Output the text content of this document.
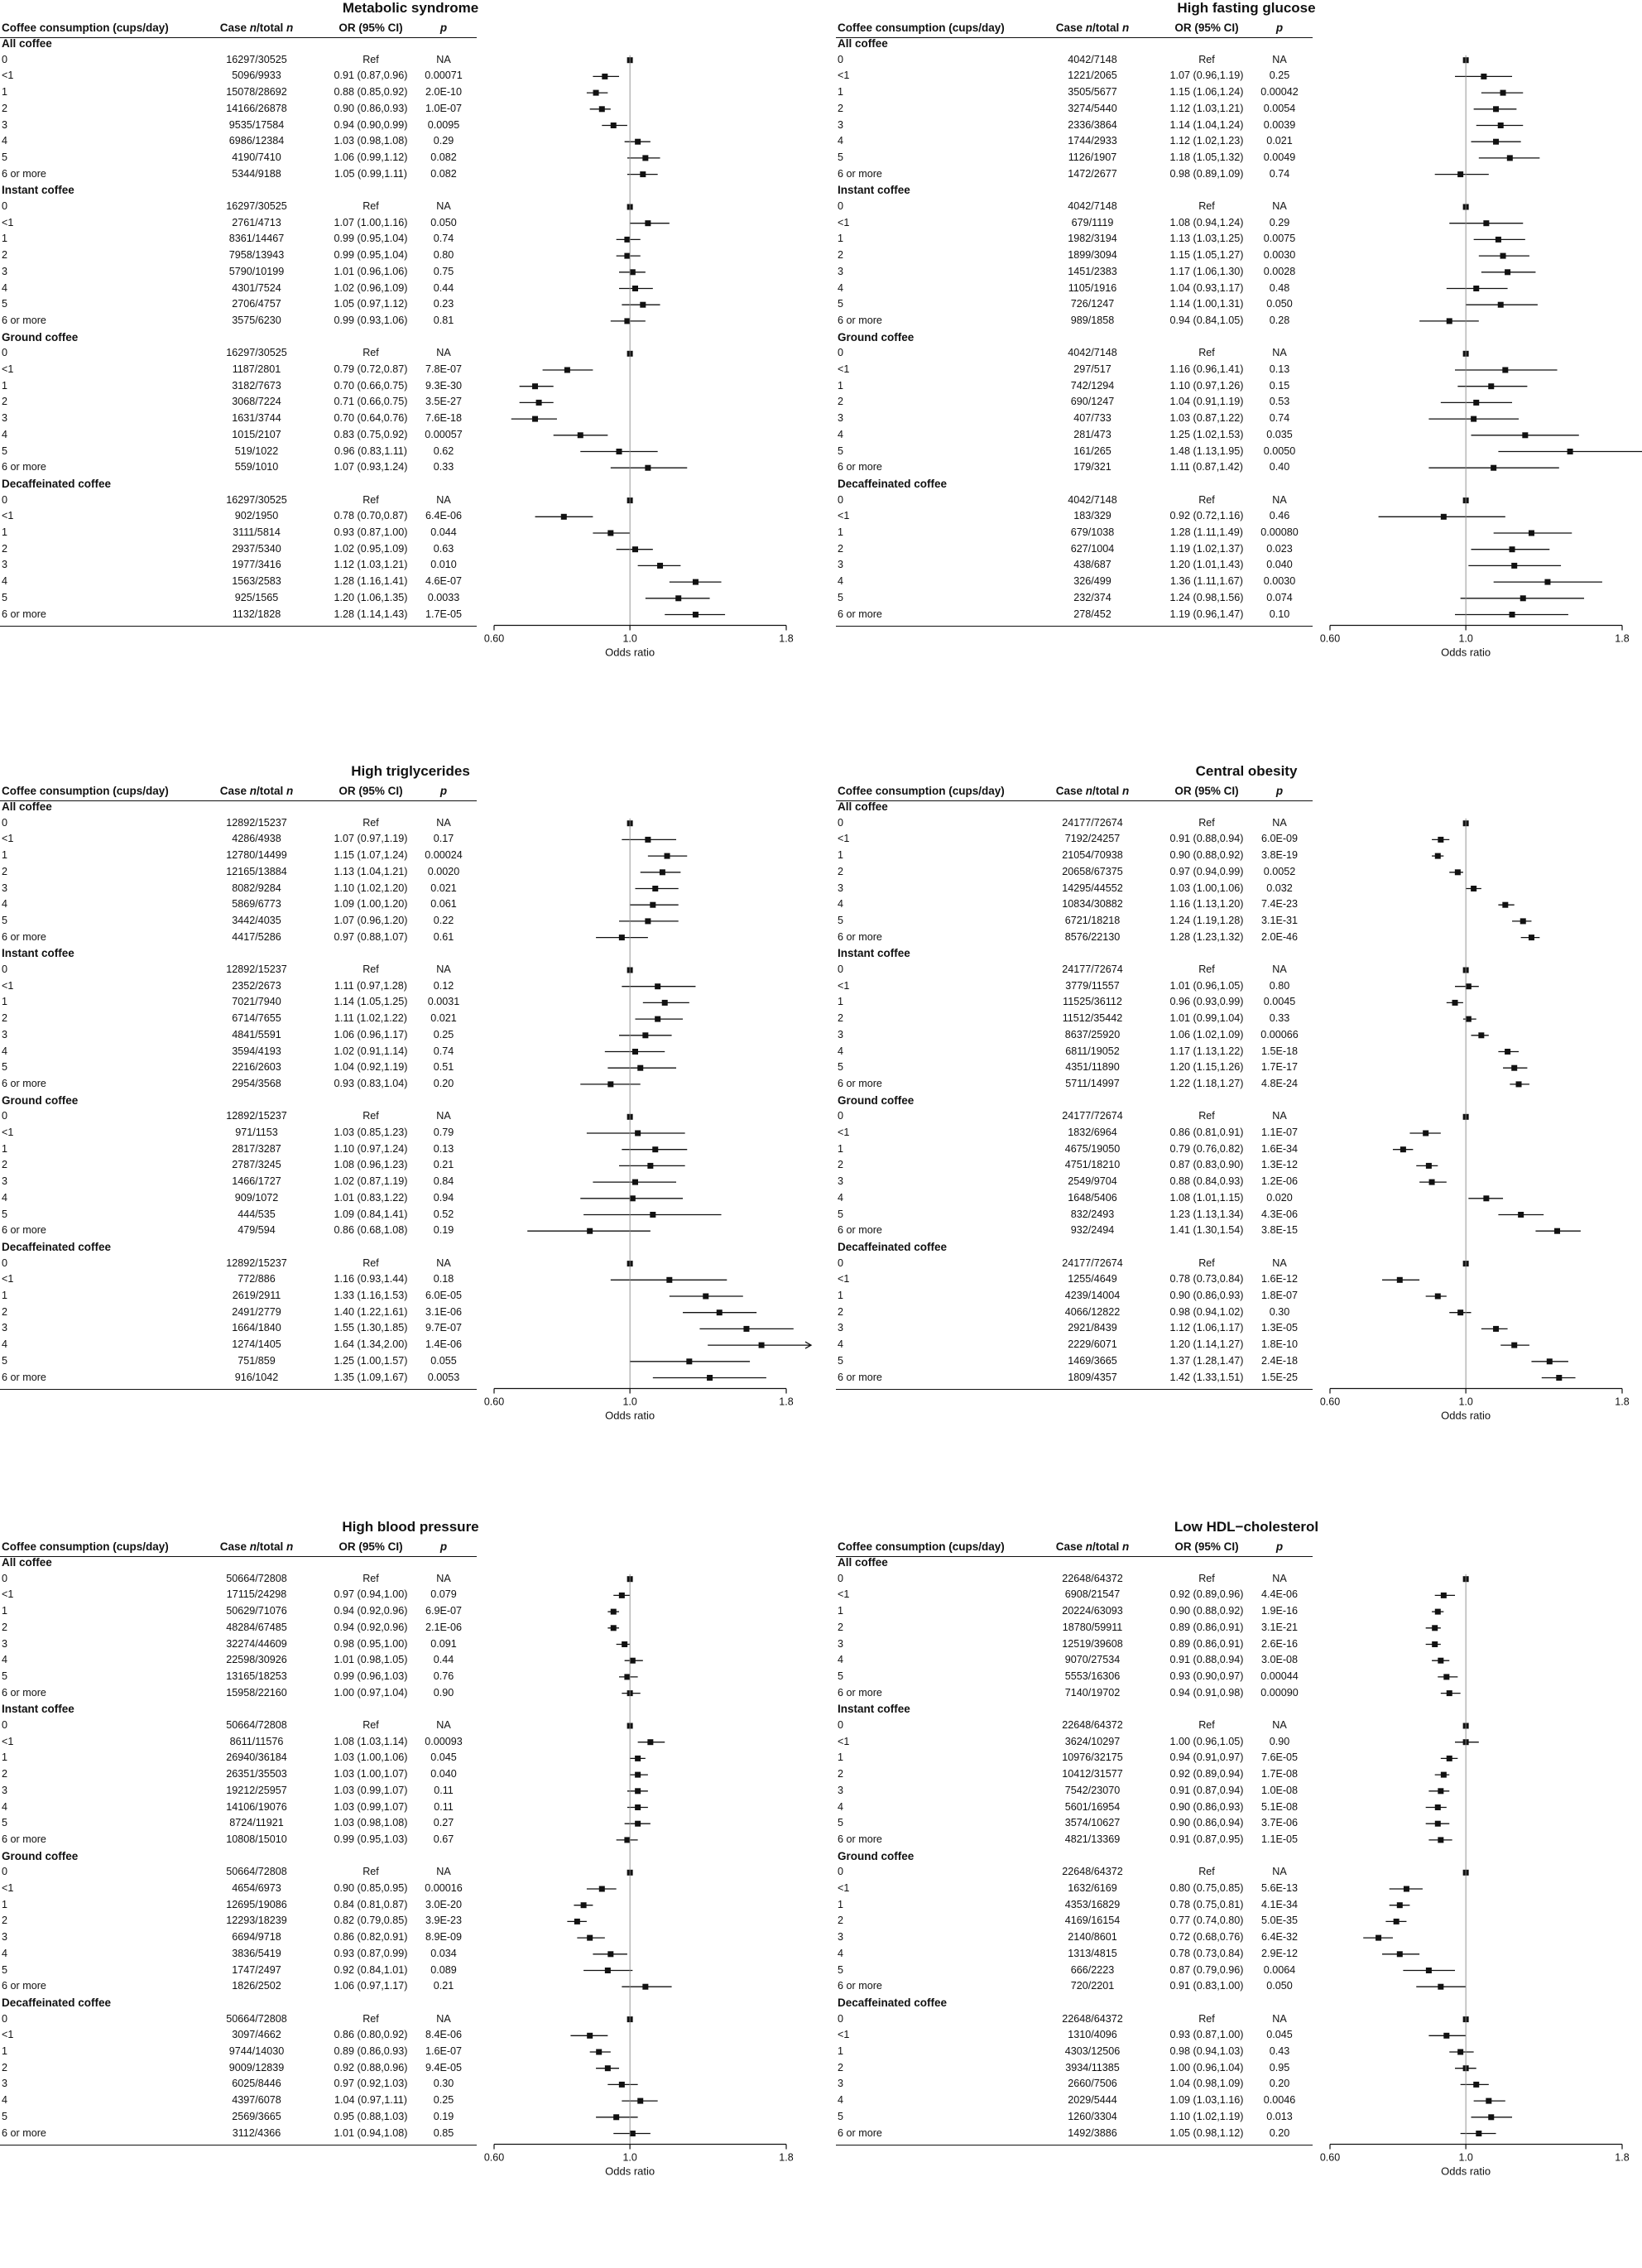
Metabolic syndrome
Coffee consumption (cups/day)	Case n/total n	OR (95% CI)	p
0.60	1.0	1.8
Odds ratio
All coffee
0	16297/30525	Ref	NA
<1	5096/9933	0.91 (0.87,0.96) 0.00071
1	15078/28692	0.88 (0.85,0.92) 2.0E-10
2	14166/26878	0.90 (0.86,0.93) 1.0E-07
3	9535/17584	0.94 (0.90,0.99) 0.0095
4	6986/12384	1.03 (0.98,1.08) 0.29
5	4190/7410	1.06 (0.99,1.12) 0.082
6 or more	5344/9188	1.05 (0.99,1.11) 0.082
Instant coffee
0	16297/30525	Ref	NA
<1	2761/4713	1.07 (1.00,1.16) 0.050
1	8361/14467	0.99 (0.95,1.04) 0.74
2	7958/13943	0.99 (0.95,1.04) 0.80
3	5790/10199	1.01 (0.96,1.06) 0.75
4	4301/7524	1.02 (0.96,1.09) 0.44
5	2706/4757	1.05 (0.97,1.12) 0.23
6 or more	3575/6230	0.99 (0.93,1.06) 0.81
Ground coffee
0	16297/30525	Ref	NA
<1	1187/2801	0.79 (0.72,0.87) 7.8E-07
1	3182/7673	0.70 (0.66,0.75) 9.3E-30
2	3068/7224	0.71 (0.66,0.75) 3.5E-27
3	1631/3744	0.70 (0.64,0.76) 7.6E-18
4	1015/2107	0.83 (0.75,0.92) 0.00057
5	519/1022	0.96 (0.83,1.11)	0.62
6 or more	559/1010	1.07 (0.93,1.24) 0.33
Decaffeinated coffee
0	16297/30525	Ref	NA
<1	902/1950	0.78 (0.70,0.87) 6.4E-06
1	3111/5814	0.93 (0.87,1.00) 0.044
2	2937/5340	1.02 (0.95,1.09) 0.63
3	1977/3416	1.12 (1.03,1.21) 0.010
4	1563/2583	1.28 (1.16,1.41) 4.6E-07
5	925/1565	1.20 (1.06,1.35) 0.0033
6 or more	1132/1828	1.28 (1.14,1.43) 1.7E-05
High fasting glucose
Coffee consumption (cups/day)	Case n/total n	OR (95% CI)	p
0.60	1.0	1.8
Odds ratio
All coffee
0	4042/7148	Ref	NA
<1	1221/2065	1.07 (0.96,1.19) 0.25
1	3505/5677	1.15 (1.06,1.24) 0.00042
2	3274/5440	1.12 (1.03,1.21) 0.0054
3	2336/3864	1.14 (1.04,1.24) 0.0039
4	1744/2933	1.12 (1.02,1.23) 0.021
5	1126/1907	1.18 (1.05,1.32) 0.0049
6 or more	1472/2677	0.98 (0.89,1.09) 0.74
Instant coffee
0	4042/7148	Ref	NA
<1	679/1119	1.08 (0.94,1.24) 0.29
1	1982/3194	1.13 (1.03,1.25) 0.0075
2	1899/3094	1.15 (1.05,1.27) 0.0030
3	1451/2383	1.17 (1.06,1.30) 0.0028
4	1105/1916	1.04 (0.93,1.17) 0.48
5	726/1247	1.14 (1.00,1.31) 0.050
6 or more	989/1858	0.94 (0.84,1.05) 0.28
Ground coffee
0	4042/7148	Ref	NA
<1	297/517	1.16 (0.96,1.41) 0.13
1	742/1294	1.10 (0.97,1.26) 0.15
2	690/1247	1.04 (0.91,1.19) 0.53
3	407/733	1.03 (0.87,1.22) 0.74
4	281/473	1.25 (1.02,1.53) 0.035
5	161/265	1.48 (1.13,1.95) 0.0050
6 or more	179/321	1.11 (0.87,1.42)	0.40
Decaffeinated coffee
0	4042/7148	Ref	NA
<1	183/329	0.92 (0.72,1.16) 0.46
1	679/1038	1.28 (1.11,1.49) 0.00080
2	627/1004	1.19 (1.02,1.37) 0.023
3	438/687	1.20 (1.01,1.43) 0.040
4	326/499	1.36 (1.11,1.67) 0.0030
5	232/374	1.24 (0.98,1.56) 0.074
6 or more	278/452	1.19 (0.96,1.47) 0.10
High triglycerides
Coffee consumption (cups/day)	Case n/total n	OR (95% CI)	p
0.60	1.0	1.8
Odds ratio
All coffee
0	12892/15237	Ref	NA
<1	4286/4938	1.07 (0.97,1.19) 0.17
1	12780/14499	1.15 (1.07,1.24) 0.00024
2	12165/13884	1.13 (1.04,1.21) 0.0020
3	8082/9284	1.10 (1.02,1.20) 0.021
4	5869/6773	1.09 (1.00,1.20) 0.061
5	3442/4035	1.07 (0.96,1.20) 0.22
6 or more	4417/5286	0.97 (0.88,1.07) 0.61
Instant coffee
0	12892/15237	Ref	NA
<1	2352/2673	1.11 (0.97,1.28)	0.12
1	7021/7940	1.14 (1.05,1.25) 0.0031
2	6714/7655	1.11 (1.02,1.22) 0.021
3	4841/5591	1.06 (0.96,1.17) 0.25
4	3594/4193	1.02 (0.91,1.14) 0.74
5	2216/2603	1.04 (0.92,1.19) 0.51
6 or more	2954/3568	0.93 (0.83,1.04) 0.20
Ground coffee
0	12892/15237	Ref	NA
<1	971/1153	1.03 (0.85,1.23) 0.79
1	2817/3287	1.10 (0.97,1.24) 0.13
2	2787/3245	1.08 (0.96,1.23) 0.21
3	1466/1727	1.02 (0.87,1.19) 0.84
4	909/1072	1.01 (0.83,1.22) 0.94
5	444/535	1.09 (0.84,1.41) 0.52
6 or more	479/594	0.86 (0.68,1.08) 0.19
Decaffeinated coffee
0	12892/15237	Ref	NA
<1	772/886	1.16 (0.93,1.44) 0.18
1	2619/2911	1.33 (1.16,1.53) 6.0E-05
2	2491/2779	1.40 (1.22,1.61) 3.1E-06
3	1664/1840	1.55 (1.30,1.85) 9.7E-07
4	1274/1405	1.64 (1.34,2.00) 1.4E-06
5	751/859	1.25 (1.00,1.57) 0.055
6 or more	916/1042	1.35 (1.09,1.67) 0.0053
Central obesity
Coffee consumption (cups/day)	Case n/total n	OR (95% CI)	p
0.60	1.0	1.8
Odds ratio
All coffee
0	24177/72674	Ref	NA
<1	7192/24257	0.91 (0.88,0.94) 6.0E-09
1	21054/70938	0.90 (0.88,0.92) 3.8E-19
2	20658/67375	0.97 (0.94,0.99) 0.0052
3	14295/44552	1.03 (1.00,1.06) 0.032
4	10834/30882	1.16 (1.13,1.20) 7.4E-23
5	6721/18218	1.24 (1.19,1.28) 3.1E-31
6 or more	8576/22130	1.28 (1.23,1.32) 2.0E-46
Instant coffee
0	24177/72674	Ref	NA
<1	3779/11557	1.01 (0.96,1.05) 0.80
1	11525/36112	0.96 (0.93,0.99) 0.0045
2	11512/35442	1.01 (0.99,1.04) 0.33
3	8637/25920	1.06 (1.02,1.09) 0.00066
4	6811/19052	1.17 (1.13,1.22) 1.5E-18
5	4351/11890	1.20 (1.15,1.26) 1.7E-17
6 or more	5711/14997	1.22 (1.18,1.27) 4.8E-24
Ground coffee
0	24177/72674	Ref	NA
<1	1832/6964	0.86 (0.81,0.91) 1.1E-07
1	4675/19050	0.79 (0.76,0.82) 1.6E-34
2	4751/18210	0.87 (0.83,0.90) 1.3E-12
3	2549/9704	0.88 (0.84,0.93) 1.2E-06
4	1648/5406	1.08 (1.01,1.15) 0.020
5	832/2493	1.23 (1.13,1.34) 4.3E-06
6 or more	932/2494	1.41 (1.30,1.54) 3.8E-15
Decaffeinated coffee
0	24177/72674	Ref	NA
<1	1255/4649	0.78 (0.73,0.84) 1.6E-12
1	4239/14004	0.90 (0.86,0.93) 1.8E-07
2	4066/12822	0.98 (0.94,1.02) 0.30
3	2921/8439	1.12 (1.06,1.17) 1.3E-05
4	2229/6071	1.20 (1.14,1.27) 1.8E-10
5	1469/3665	1.37 (1.28,1.47) 2.4E-18
6 or more	1809/4357	1.42 (1.33,1.51) 1.5E-25
High blood pressure
Coffee consumption (cups/day)	Case n/total n	OR (95% CI)	p
0.60	1.0	1.8
Odds ratio
All coffee
0	50664/72808	Ref	NA
<1	17115/24298	0.97 (0.94,1.00) 0.079
1	50629/71076	0.94 (0.92,0.96) 6.9E-07
2	48284/67485	0.94 (0.92,0.96) 2.1E-06
3	32274/44609	0.98 (0.95,1.00) 0.091
4	22598/30926	1.01 (0.98,1.05) 0.44
5	13165/18253	0.99 (0.96,1.03) 0.76
6 or more	15958/22160	1.00 (0.97,1.04) 0.90
Instant coffee
0	50664/72808	Ref	NA
<1	8611/11576	1.08 (1.03,1.14) 0.00093
1	26940/36184	1.03 (1.00,1.06) 0.045
2	26351/35503	1.03 (1.00,1.07) 0.040
3	19212/25957	1.03 (0.99,1.07)	0.11
4	14106/19076	1.03 (0.99,1.07)	0.11
5	8724/11921	1.03 (0.98,1.08) 0.27
6 or more	10808/15010	0.99 (0.95,1.03) 0.67
Ground coffee
0	50664/72808	Ref	NA
<1	4654/6973	0.90 (0.85,0.95) 0.00016
1	12695/19086	0.84 (0.81,0.87) 3.0E-20
2	12293/18239	0.82 (0.79,0.85) 3.9E-23
3	6694/9718	0.86 (0.82,0.91) 8.9E-09
4	3836/5419	0.93 (0.87,0.99) 0.034
5	1747/2497	0.92 (0.84,1.01) 0.089
6 or more	1826/2502	1.06 (0.97,1.17) 0.21
Decaffeinated coffee
0	50664/72808	Ref	NA
<1	3097/4662	0.86 (0.80,0.92) 8.4E-06
1	9744/14030	0.89 (0.86,0.93) 1.6E-07
2	9009/12839	0.92 (0.88,0.96) 9.4E-05
3	6025/8446	0.97 (0.92,1.03) 0.30
4	4397/6078	1.04 (0.97,1.11)	0.25
5	2569/3665	0.95 (0.88,1.03) 0.19
6 or more	3112/4366	1.01 (0.94,1.08) 0.85
Low HDL−cholesterol
Coffee consumption (cups/day)	Case n/total n	OR (95% CI)	p
0.60	1.0	1.8
Odds ratio
All coffee
0	22648/64372	Ref	NA
<1	6908/21547	0.92 (0.89,0.96) 4.4E-06
1	20224/63093	0.90 (0.88,0.92) 1.9E-16
2	18780/59911	0.89 (0.86,0.91) 3.1E-21
3	12519/39608	0.89 (0.86,0.91) 2.6E-16
4	9070/27534	0.91 (0.88,0.94) 3.0E-08
5	5553/16306	0.93 (0.90,0.97) 0.00044
6 or more	7140/19702	0.94 (0.91,0.98) 0.00090
Instant coffee
0	22648/64372	Ref	NA
<1	3624/10297	1.00 (0.96,1.05) 0.90
1	10976/32175	0.94 (0.91,0.97) 7.6E-05
2	10412/31577	0.92 (0.89,0.94) 1.7E-08
3	7542/23070	0.91 (0.87,0.94) 1.0E-08
4	5601/16954	0.90 (0.86,0.93) 5.1E-08
5	3574/10627	0.90 (0.86,0.94) 3.7E-06
6 or more	4821/13369	0.91 (0.87,0.95) 1.1E-05
Ground coffee
0	22648/64372	Ref	NA
<1	1632/6169	0.80 (0.75,0.85) 5.6E-13
1	4353/16829	0.78 (0.75,0.81) 4.1E-34
2	4169/16154	0.77 (0.74,0.80) 5.0E-35
3	2140/8601	0.72 (0.68,0.76) 6.4E-32
4	1313/4815	0.78 (0.73,0.84) 2.9E-12
5	666/2223	0.87 (0.79,0.96) 0.0064
6 or more	720/2201	0.91 (0.83,1.00) 0.050
Decaffeinated coffee
0	22648/64372	Ref	NA
<1	1310/4096	0.93 (0.87,1.00) 0.045
1	4303/12506	0.98 (0.94,1.03) 0.43
2	3934/11385	1.00 (0.96,1.04) 0.95
3	2660/7506	1.04 (0.98,1.09) 0.20
4	2029/5444	1.09 (1.03,1.16) 0.0046
5	1260/3304	1.10 (1.02,1.19) 0.013
6 or more	1492/3886	1.05 (0.98,1.12) 0.20
